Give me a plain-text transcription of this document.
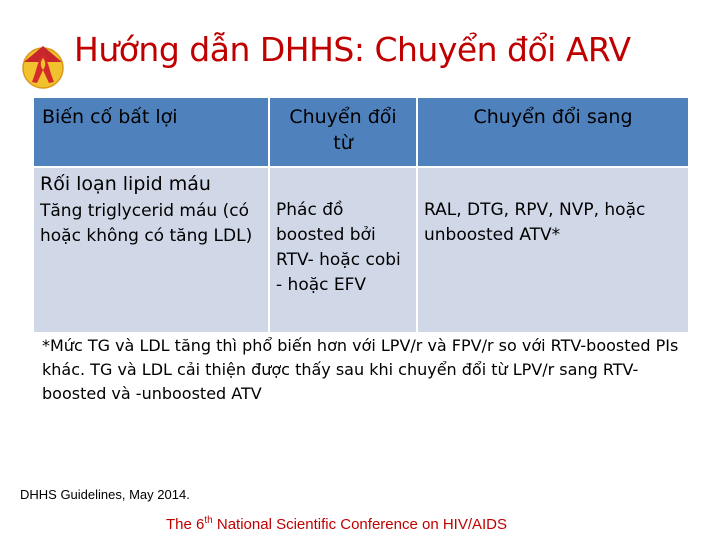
Hướng dẫn DHHS: Chuyển đổi ARV
Biến cố bất lợi	Chuyển đổi từ	Chuyển đổi sang

Rối loạn lipid máu
Tăng triglycerid máu (có hoặc không có tăng LDL)	Phác đồ boosted bởi RTV- hoặc cobi - hoặc EFV	RAL, DTG, RPV, NVP, hoặc unboosted ATV*
*Mức TG và LDL tăng thì phổ biến hơn với LPV/r và FPV/r so với RTV-boosted PIs khác. TG và LDL cải thiện được thấy sau khi chuyển đổi từ LPV/r sang RTV-boosted và -unboosted ATV
DHHS Guidelines, May 2014.
The 6th National Scientific Conference on HIV/AIDS
